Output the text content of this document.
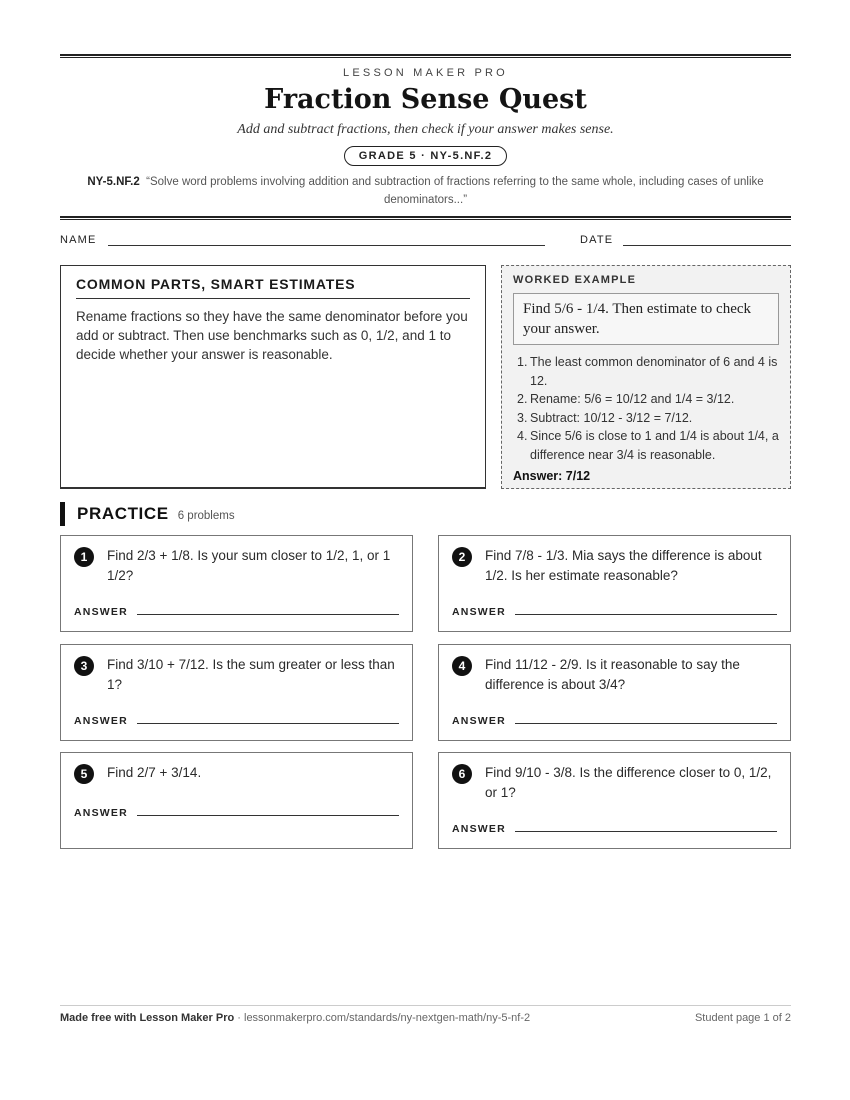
LESSON MAKER PRO
Fraction Sense Quest
Add and subtract fractions, then check if your answer makes sense.
GRADE 5 · NY-5.NF.2
NY-5.NF.2 “Solve word problems involving addition and subtraction of fractions referring to the same whole, including cases of unlike denominators...”
NAME	DATE
COMMON PARTS, SMART ESTIMATES
Rename fractions so they have the same denominator before you add or subtract. Then use benchmarks such as 0, 1/2, and 1 to decide whether your answer is reasonable.
WORKED EXAMPLE
Find 5/6 - 1/4. Then estimate to check your answer.
1. The least common denominator of 6 and 4 is 12.
2. Rename: 5/6 = 10/12 and 1/4 = 3/12.
3. Subtract: 10/12 - 3/12 = 7/12.
4. Since 5/6 is close to 1 and 1/4 is about 1/4, a difference near 3/4 is reasonable.
Answer: 7/12
PRACTICE 6 problems
1	Find 2/3 + 1/8. Is your sum closer to 1/2, 1, or 1 1/2?
ANSWER
2	Find 7/8 - 1/3. Mia says the difference is about 1/2. Is her estimate reasonable?
ANSWER
3	Find 3/10 + 7/12. Is the sum greater or less than 1?
ANSWER
4	Find 11/12 - 2/9. Is it reasonable to say the difference is about 3/4?
ANSWER
5	Find 2/7 + 3/14.
ANSWER
6	Find 9/10 - 3/8. Is the difference closer to 0, 1/2, or 1?
ANSWER
Made free with Lesson Maker Pro · lessonmakerpro.com/standards/ny-nextgen-math/ny-5-nf-2	Student page 1 of 2
